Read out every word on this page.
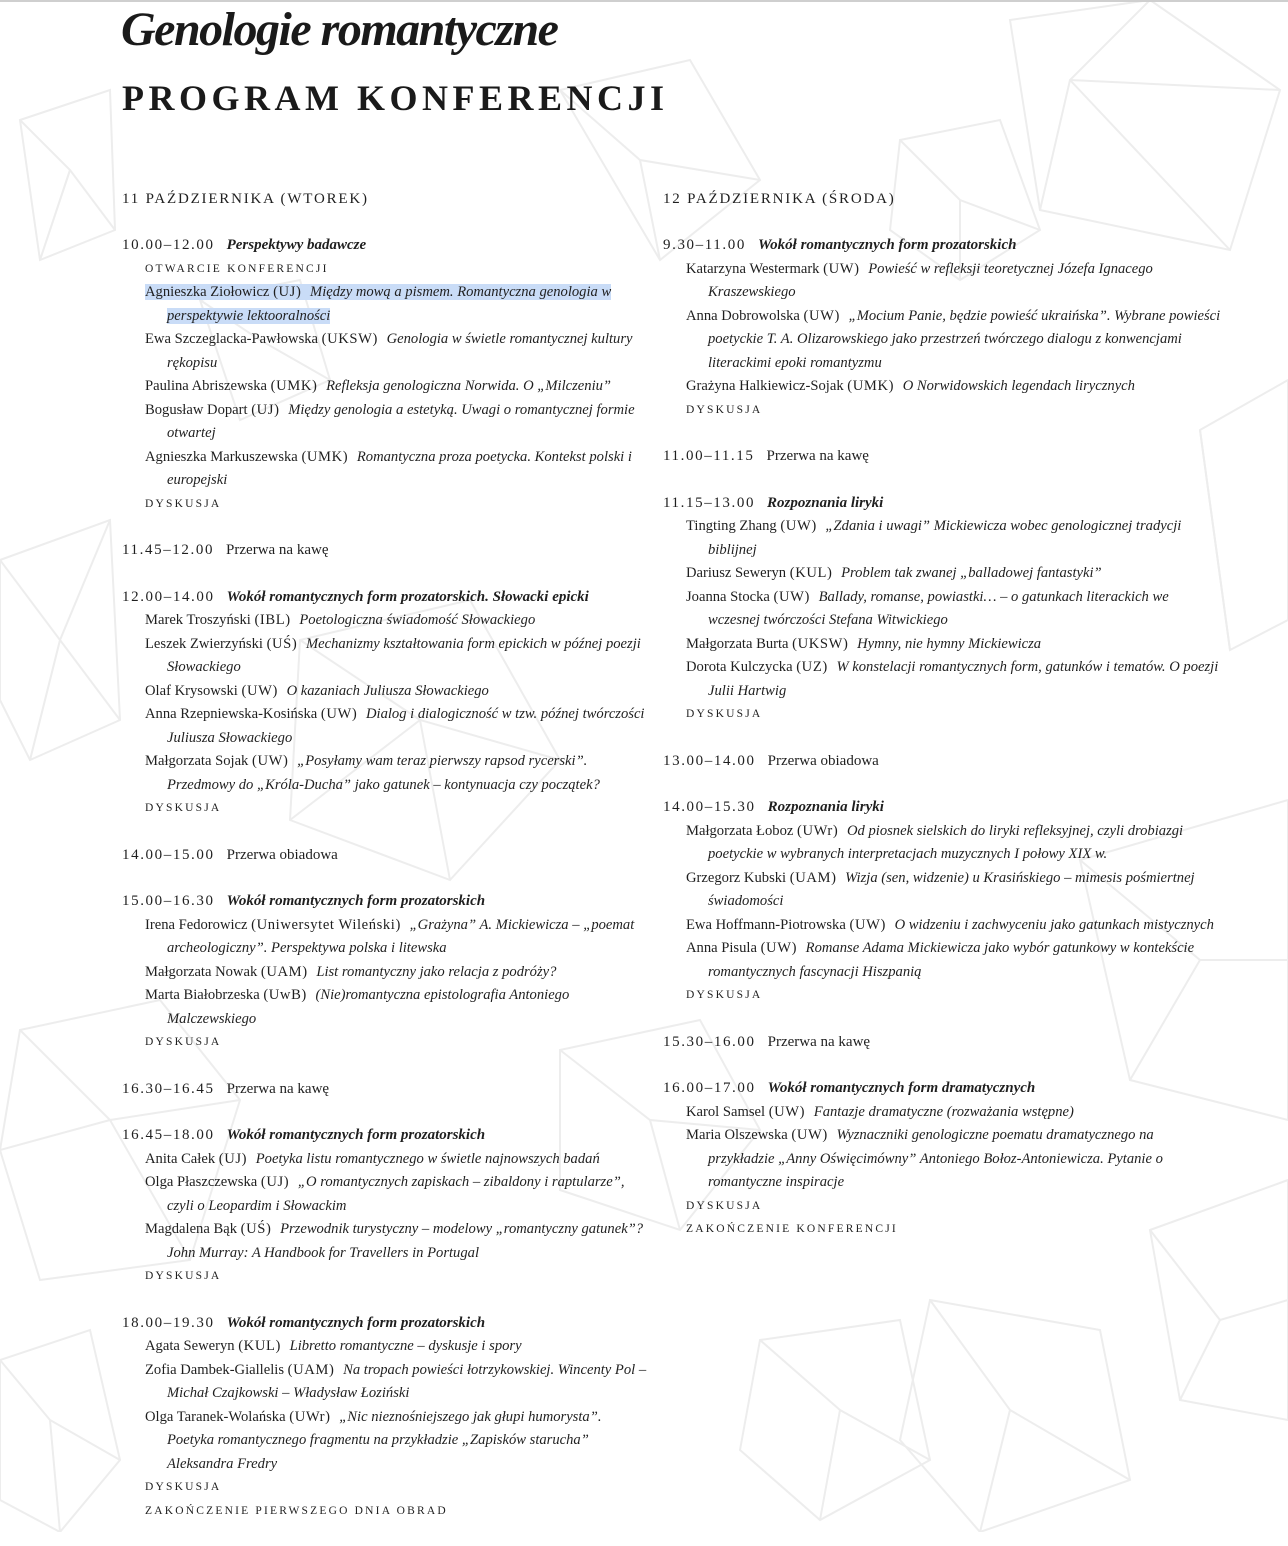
Genologie romantyczne
PROGRAM KONFERENCJI
11 PAŹDZIERNIKA (WTOREK)
10.00–12.00 Perspektywy badawcze
OTWARCIE KONFERENCJI
Agnieszka Ziołowicz (UJ) Między mową a pismem. Romantyczna genologia w perspektywie lektooralności
Ewa Szczeglacka-Pawłowska (UKSW) Genologia w świetle romantycznej kultury rękopisu
Paulina Abriszewska (UMK) Refleksja genologiczna Norwida. O „Milczeniu”
Bogusław Dopart (UJ) Między genologia a estetyką. Uwagi o romantycznej formie otwartej
Agnieszka Markuszewska (UMK) Romantyczna proza poetycka. Kontekst polski i europejski
DYSKUSJA
11.45–12.00 Przerwa na kawę
12.00–14.00 Wokół romantycznych form prozatorskich. Słowacki epicki
Marek Troszyński (IBL) Poetologiczna świadomość Słowackiego
Leszek Zwierzyński (UŚ) Mechanizmy kształtowania form epickich w późnej poezji Słowackiego
Olaf Krysowski (UW) O kazaniach Juliusza Słowackiego
Anna Rzepniewska-Kosińska (UW) Dialog i dialogiczność w tzw. późnej twórczości Juliusza Słowackiego
Małgorzata Sojak (UW) „Posyłamy wam teraz pierwszy rapsod rycerski”. Przedmowy do „Króla-Ducha” jako gatunek – kontynuacja czy początek?
DYSKUSJA
14.00–15.00 Przerwa obiadowa
15.00–16.30 Wokół romantycznych form prozatorskich
Irena Fedorowicz (Uniwersytet Wileński) „Grażyna” A. Mickiewicza – „poemat archeologiczny”. Perspektywa polska i litewska
Małgorzata Nowak (UAM) List romantyczny jako relacja z podróży?
Marta Białobrzeska (UwB) (Nie)romantyczna epistolografia Antoniego Malczewskiego
DYSKUSJA
16.30–16.45 Przerwa na kawę
16.45–18.00 Wokół romantycznych form prozatorskich
Anita Całek (UJ) Poetyka listu romantycznego w świetle najnowszych badań
Olga Płaszczewska (UJ) „O romantycznych zapiskach – zibaldony i raptularze”, czyli o Leopardim i Słowackim
Magdalena Bąk (UŚ) Przewodnik turystyczny – modelowy „romantyczny gatunek”? John Murray: A Handbook for Travellers in Portugal
DYSKUSJA
18.00–19.30 Wokół romantycznych form prozatorskich
Agata Seweryn (KUL) Libretto romantyczne – dyskusje i spory
Zofia Dambek-Giallelis (UAM) Na tropach powieści łotrzykowskiej. Wincenty Pol – Michał Czajkowski – Władysław Łoziński
Olga Taranek-Wolańska (UWr) „Nic nieznośniejszego jak głupi humorysta”. Poetyka romantycznego fragmentu na przykładzie „Zapisków starucha” Aleksandra Fredry
DYSKUSJA
ZAKOŃCZENIE PIERWSZEGO DNIA OBRAD
12 PAŹDZIERNIKA (ŚRODA)
9.30–11.00 Wokół romantycznych form prozatorskich
Katarzyna Westermark (UW) Powieść w refleksji teoretycznej Józefa Ignacego Kraszewskiego
Anna Dobrowolska (UW) „Mocium Panie, będzie powieść ukraińska”. Wybrane powieści poetyckie T. A. Olizarowskiego jako przestrzeń twórczego dialogu z konwencjami literackimi epoki romantyzmu
Grażyna Halkiewicz-Sojak (UMK) O Norwidowskich legendach lirycznych
DYSKUSJA
11.00–11.15 Przerwa na kawę
11.15–13.00 Rozpoznania liryki
Tingting Zhang (UW) „Zdania i uwagi” Mickiewicza wobec genologicznej tradycji biblijnej
Dariusz Seweryn (KUL) Problem tak zwanej „balladowej fantastyki”
Joanna Stocka (UW) Ballady, romanse, powiastki… – o gatunkach literackich we wczesnej twórczości Stefana Witwickiego
Małgorzata Burta (UKSW) Hymny, nie hymny Mickiewicza
Dorota Kulczycka (UZ) W konstelacji romantycznych form, gatunków i tematów. O poezji Julii Hartwig
DYSKUSJA
13.00–14.00 Przerwa obiadowa
14.00–15.30 Rozpoznania liryki
Małgorzata Łoboz (UWr) Od piosnek sielskich do liryki refleksyjnej, czyli drobiazgi poetyckie w wybranych interpretacjach muzycznych I połowy XIX w.
Grzegorz Kubski (UAM) Wizja (sen, widzenie) u Krasińskiego – mimesis pośmiertnej świadomości
Ewa Hoffmann-Piotrowska (UW) O widzeniu i zachwyceniu jako gatunkach mistycznych
Anna Pisula (UW) Romanse Adama Mickiewicza jako wybór gatunkowy w kontekście romantycznych fascynacji Hiszpanią
DYSKUSJA
15.30–16.00 Przerwa na kawę
16.00–17.00 Wokół romantycznych form dramatycznych
Karol Samsel (UW) Fantazje dramatyczne (rozważania wstępne)
Maria Olszewska (UW) Wyznaczniki genologiczne poematu dramatycznego na przykładzie „Anny Oświęcimówny” Antoniego Bołoz-Antoniewicza. Pytanie o romantyczne inspiracje
DYSKUSJA
ZAKOŃCZENIE KONFERENCJI
